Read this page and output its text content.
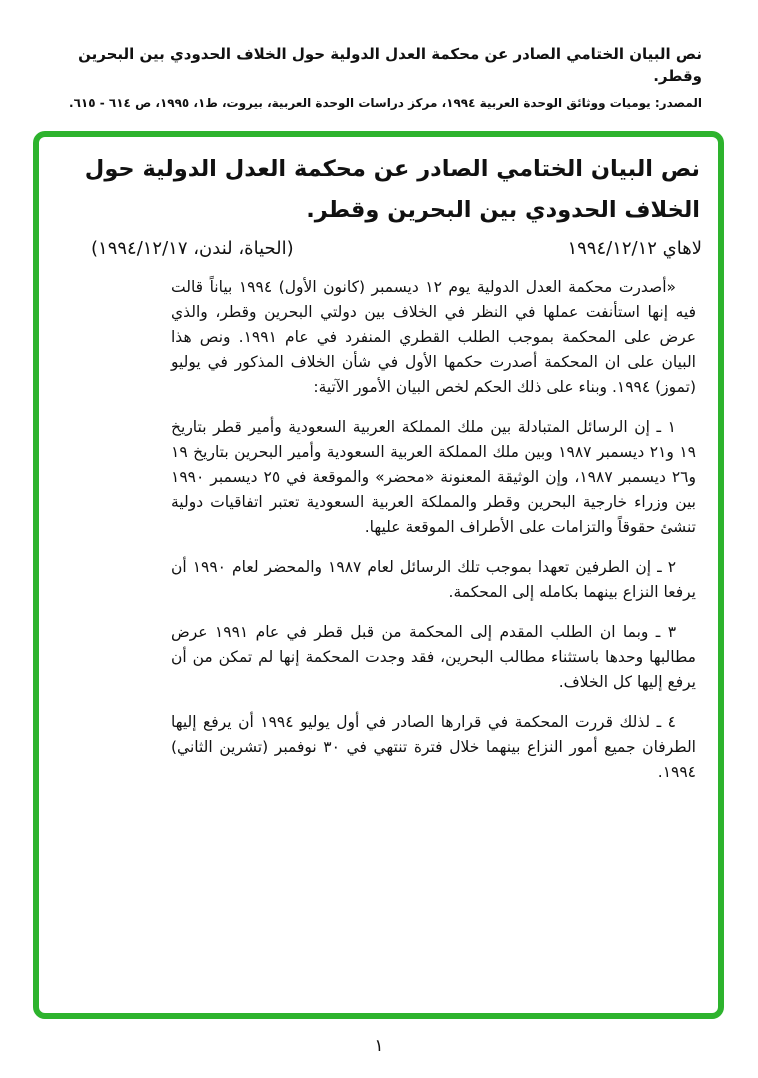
نص البيان الختامي الصادر عن محكمة العدل الدولية حول الخلاف الحدودي بين البحرين وقطر.
المصدر: يوميات ووثائق الوحدة العربية ١٩٩٤، مركز دراسات الوحدة العربية، بيروت، ط١، ١٩٩٥، ص ٦١٤ - ٦١٥.
نص البيان الختامي الصادر عن محكمة العدل الدولية حول الخلاف الحدودي بين البحرين وقطر.
لاهاي ١٩٩٤/١٢/١٢
(الحياة، لندن، ١٩٩٤/١٢/١٧)

«أصدرت محكمة العدل الدولية يوم ١٢ ديسمبر (كانون الأول) ١٩٩٤ بياناً قالت فيه إنها استأنفت عملها في النظر في الخلاف بين دولتي البحرين وقطر، والذي عرض على المحكمة بموجب الطلب القطري المنفرد في عام ١٩٩١. ونص هذا البيان على ان المحكمة أصدرت حكمها الأول في شأن الخلاف المذكور في يوليو (تموز) ١٩٩٤. وبناء على ذلك الحكم لخص البيان الأمور الآتية:

١ ـ إن الرسائل المتبادلة بين ملك المملكة العربية السعودية وأمير قطر بتاريخ ١٩ و٢١ ديسمبر ١٩٨٧ وبين ملك المملكة العربية السعودية وأمير البحرين بتاريخ ١٩ و٢٦ ديسمبر ١٩٨٧، وإن الوثيقة المعنونة «محضر» والموقعة في ٢٥ ديسمبر ١٩٩٠ بين وزراء خارجية البحرين وقطر والمملكة العربية السعودية تعتبر اتفاقيات دولية تنشئ حقوقاً والتزامات على الأطراف الموقعة عليها.

٢ ـ إن الطرفين تعهدا بموجب تلك الرسائل لعام ١٩٨٧ والمحضر لعام ١٩٩٠ أن يرفعا النزاع بينهما بكامله إلى المحكمة.

٣ ـ وبما ان الطلب المقدم إلى المحكمة من قبل قطر في عام ١٩٩١ عرض مطالبها وحدها باستثناء مطالب البحرين، فقد وجدت المحكمة إنها لم تمكن من أن يرفع إليها كل الخلاف.

٤ ـ لذلك قررت المحكمة في قرارها الصادر في أول يوليو ١٩٩٤ أن يرفع إليها الطرفان جميع أمور النزاع بينهما خلال فترة تنتهي في ٣٠ نوفمبر (تشرين الثاني) ١٩٩٤.

١
